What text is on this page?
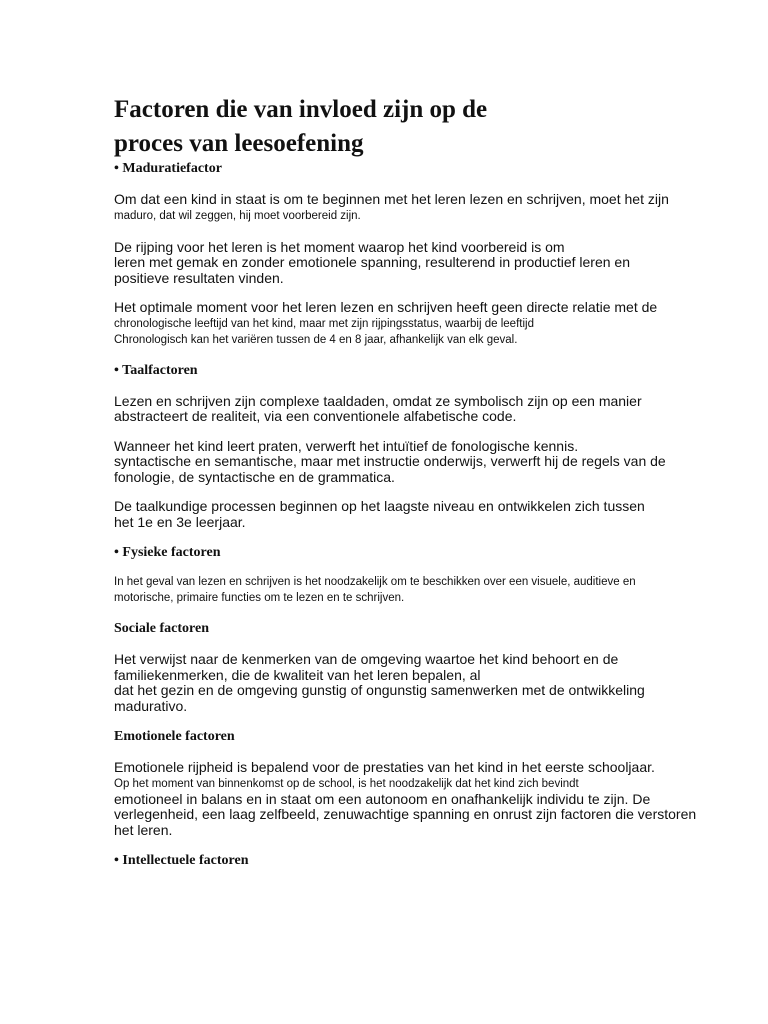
Factoren die van invloed zijn op de
proces van leesoefening
• Maduratiefactor

Om dat een kind in staat is om te beginnen met het leren lezen en schrijven, moet het zijn
maduro, dat wil zeggen, hij moet voorbereid zijn.

De rijping voor het leren is het moment waarop het kind voorbereid is om
leren met gemak en zonder emotionele spanning, resulterend in productief leren en
positieve resultaten vinden.

Het optimale moment voor het leren lezen en schrijven heeft geen directe relatie met de
chronologische leeftijd van het kind, maar met zijn rijpingsstatus, waarbij de leeftijd
Chronologisch kan het variëren tussen de 4 en 8 jaar, afhankelijk van elk geval.

• Taalfactoren

Lezen en schrijven zijn complexe taaldaden, omdat ze symbolisch zijn op een manier
abstracteert de realiteit, via een conventionele alfabetische code.

Wanneer het kind leert praten, verwerft het intuïtief de fonologische kennis.
syntactische en semantische, maar met instructie onderwijs, verwerft hij de regels van de
fonologie, de syntactische en de grammatica.

De taalkundige processen beginnen op het laagste niveau en ontwikkelen zich tussen
het 1e en 3e leerjaar.

• Fysieke factoren

In het geval van lezen en schrijven is het noodzakelijk om te beschikken over een visuele, auditieve en
motorische, primaire functies om te lezen en te schrijven.

Sociale factoren

Het verwijst naar de kenmerken van de omgeving waartoe het kind behoort en de
familiekenmerken, die de kwaliteit van het leren bepalen, al
dat het gezin en de omgeving gunstig of ongunstig samenwerken met de ontwikkeling
madurativo.

Emotionele factoren

Emotionele rijpheid is bepalend voor de prestaties van het kind in het eerste schooljaar.
Op het moment van binnenkomst op de school, is het noodzakelijk dat het kind zich bevindt
emotioneel in balans en in staat om een autonoom en onafhankelijk individu te zijn. De
verlegenheid, een laag zelfbeeld, zenuwachtige spanning en onrust zijn factoren die verstoren
het leren.

• Intellectuele factoren
